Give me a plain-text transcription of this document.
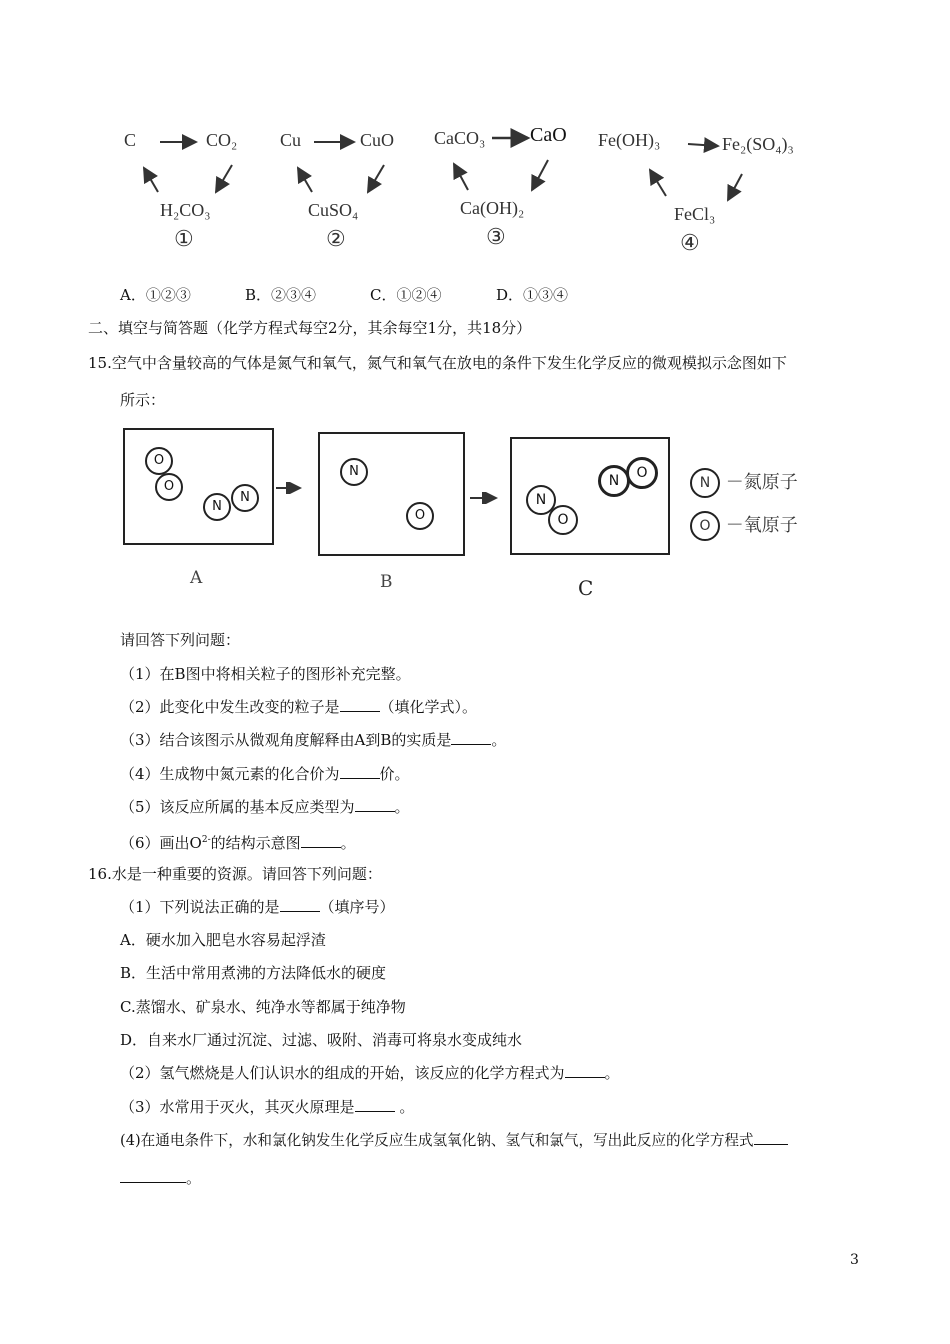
C	CO₂
H₂CO₃
①
Cu	CuO
CuSO₄
②
CaCO₃ CaO
Ca(OH)₂
③
Fe(OH)₃	Fe₂(SO₄)₃
FeCl₃
④
A．①②③	B．②③④	C．①②④	D．①③④
二、填空与简答题（化学方程式每空2分，其余每空1分，共18分）
15.空气中含量较高的气体是氮气和氧气，氮气和氧气在放电的条件下发生化学反应的微观模拟示念图如下
所示：
O
O
N
N
N
O
N
O
N	O
N －氮原子
O －氧原子
A	B	C
请回答下列问题：
（1）在B图中将相关粒子的图形补充完整。
（2）此变化中发生改变的粒子是	（填化学式）。
（3）结合该图示从微观角度解释由A到B的实质是	。
（4）生成物中氮元素的化合价为	价。
（5）该反应所属的基本反应类型为	。
（6）画出$O^{2-}$的结构示意图	。
16.水是一种重要的资源。请回答下列问题：
（1）下列说法正确的是	（填序号）
A．硬水加入肥皂水容易起浮渣
B．生活中常用煮沸的方法降低水的硬度
C.蒸馏水、矿泉水、纯净水等都属于纯净物
D．自来水厂通过沉淀、过滤、吸附、消毒可将泉水变成纯水
（2）氢气燃烧是人们认识水的组成的开始，该反应的化学方程式为	。
（3）水常用于灭火，其灭火原理是	。
(4)在通电条件下，水和氯化钠发生化学反应生成氢氧化钠、氢气和氯气，写出此反应的化学方程式
。
3
